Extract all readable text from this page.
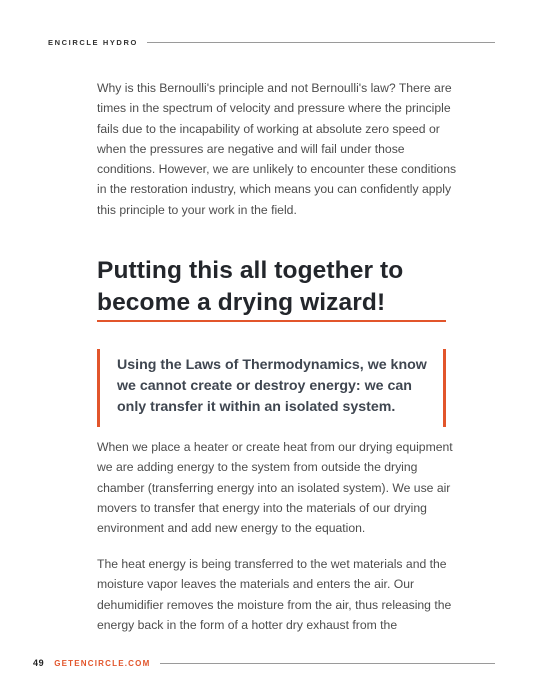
ENCIRCLE HYDRO

Why is this Bernoulli's principle and not Bernoulli's law? There are times in the spectrum of velocity and pressure where the principle fails due to the incapability of working at absolute zero speed or when the pressures are negative and will fail under those conditions. However, we are unlikely to encounter these conditions in the restoration industry, which means you can confidently apply this principle to your work in the field.

Putting this all together to become a drying wizard!

Using the Laws of Thermodynamics, we know we cannot create or destroy energy: we can only transfer it within an isolated system.

When we place a heater or create heat from our drying equipment we are adding energy to the system from outside the drying chamber (transferring energy into an isolated system). We use air movers to transfer that energy into the materials of our drying environment and add new energy to the equation.

The heat energy is being transferred to the wet materials and the moisture vapor leaves the materials and enters the air. Our dehumidifier removes the moisture from the air, thus releasing the energy back in the form of a hotter dry exhaust from the

49 GETENCIRCLE.COM
